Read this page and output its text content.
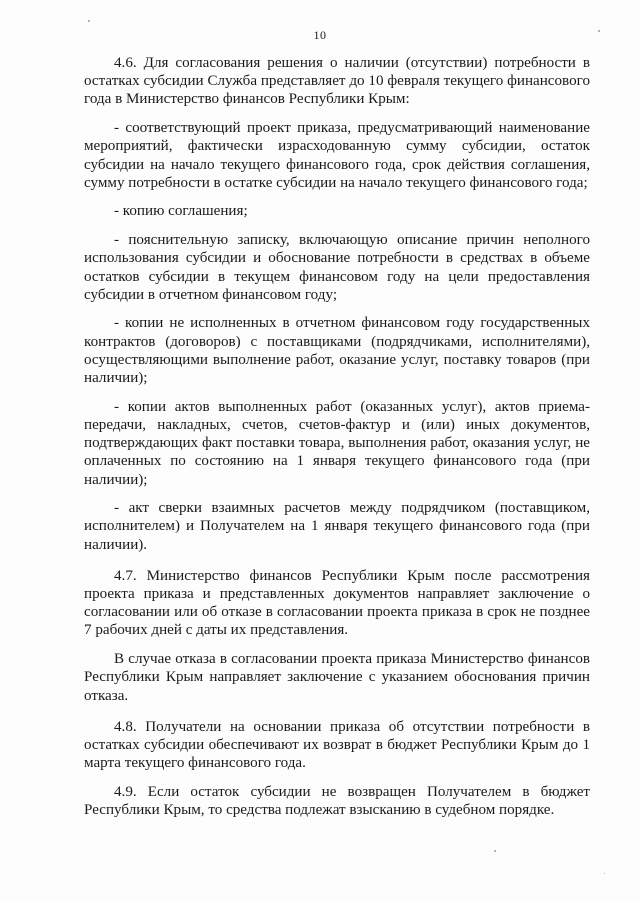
10

4.6. Для согласования решения о наличии (отсутствии) потребности в остатках субсидии Служба представляет до 10 февраля текущего финансового года в Министерство финансов Республики Крым:

- соответствующий проект приказа, предусматривающий наименование мероприятий, фактически израсходованную сумму субсидии, остаток субсидии на начало текущего финансового года, срок действия соглашения, сумму потребности в остатке субсидии на начало текущего финансового года;

- копию соглашения;

- пояснительную записку, включающую описание причин неполного использования субсидии и обоснование потребности в средствах в объеме остатков субсидии в текущем финансовом году на цели предоставления субсидии в отчетном финансовом году;

- копии не исполненных в отчетном финансовом году государственных контрактов (договоров) с поставщиками (подрядчиками, исполнителями), осуществляющими выполнение работ, оказание услуг, поставку товаров (при наличии);

- копии актов выполненных работ (оказанных услуг), актов приема-передачи, накладных, счетов, счетов-фактур и (или) иных документов, подтверждающих факт поставки товара, выполнения работ, оказания услуг, не оплаченных по состоянию на 1 января текущего финансового года (при наличии);

- акт сверки взаимных расчетов между подрядчиком (поставщиком, исполнителем) и Получателем на 1 января текущего финансового года (при наличии).

4.7. Министерство финансов Республики Крым после рассмотрения проекта приказа и представленных документов направляет заключение о согласовании или об отказе в согласовании проекта приказа в срок не позднее 7 рабочих дней с даты их представления.

В случае отказа в согласовании проекта приказа Министерство финансов Республики Крым направляет заключение с указанием обоснования причин отказа.

4.8. Получатели на основании приказа об отсутствии потребности в остатках субсидии обеспечивают их возврат в бюджет Республики Крым до 1 марта текущего финансового года.

4.9. Если остаток субсидии не возвращен Получателем в бюджет Республики Крым, то средства подлежат взысканию в судебном порядке.
